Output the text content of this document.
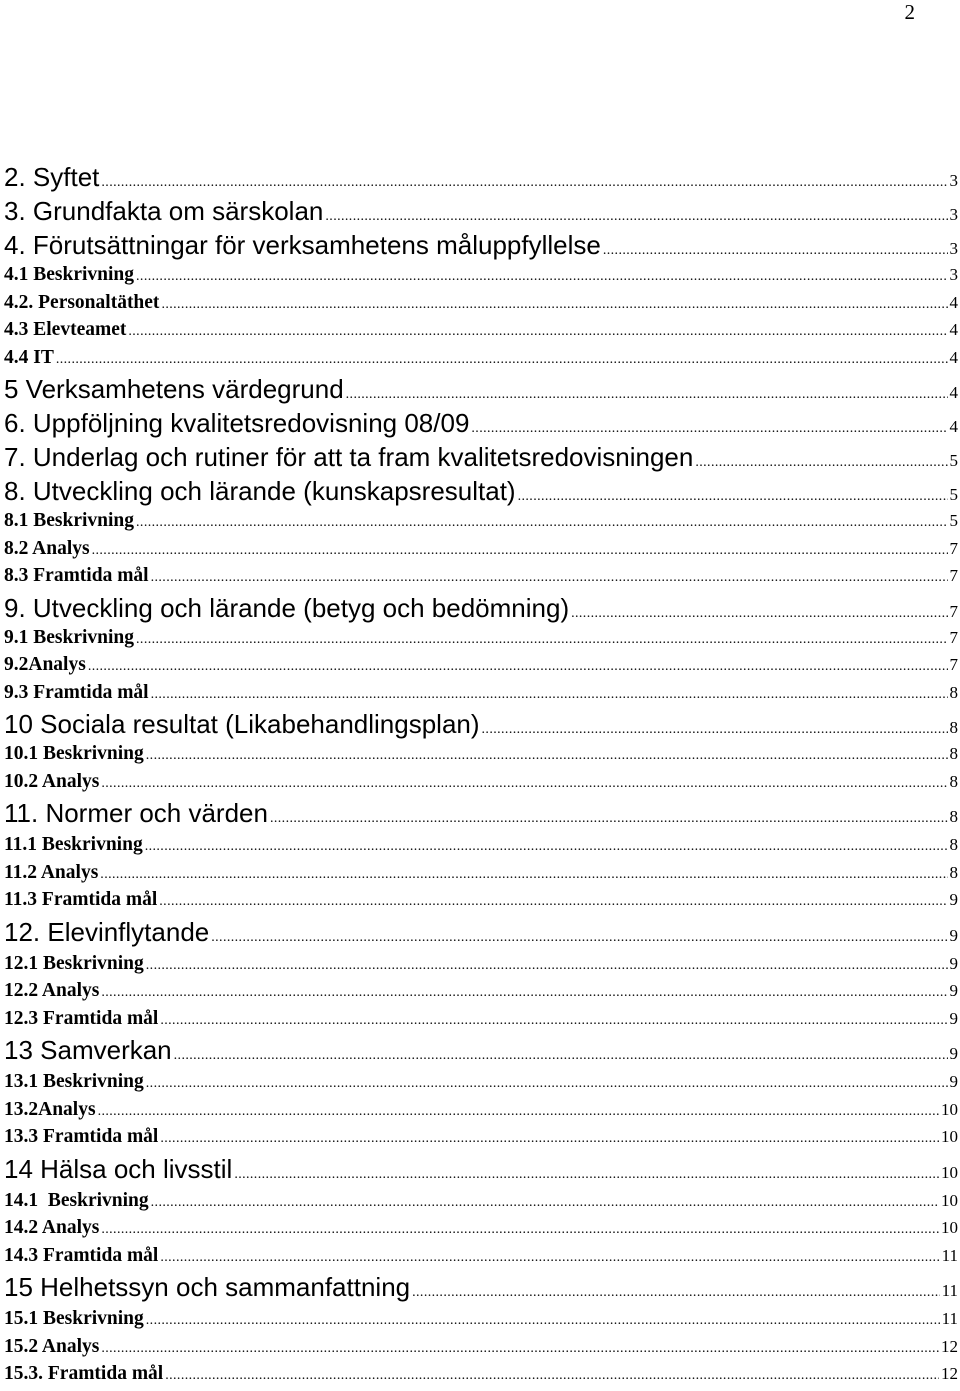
2
2. Syftet .....	3
3. Grundfakta om särskolan .....	3
4. Förutsättningar för verksamhetens måluppfyllelse .....	3
4.1 Beskrivning .....	3
4.2. Personaltäthet .....	4
4.3 Elevteamet .....	4
4.4 IT .....	4
5 Verksamhetens värdegrund .....	4
6. Uppföljning kvalitetsredovisning 08/09 .....	4
7. Underlag och rutiner för att ta fram kvalitetsredovisningen .....	5
8. Utveckling och lärande (kunskapsresultat) .....	5
8.1 Beskrivning .....	5
8.2 Analys .....	7
8.3 Framtida mål .....	7
9. Utveckling och lärande (betyg och bedömning) .....	7
9.1 Beskrivning .....	7
9.2Analys .....	7
9.3 Framtida mål .....	8
10 Sociala resultat (Likabehandlingsplan) .....	8
10.1 Beskrivning .....	8
10.2 Analys .....	8
11. Normer och värden .....	8
11.1 Beskrivning .....	8
11.2 Analys .....	8
11.3 Framtida mål .....	9
12. Elevinflytande .....	9
12.1 Beskrivning .....	9
12.2 Analys .....	9
12.3 Framtida mål .....	9
13 Samverkan .....	9
13.1 Beskrivning .....	9
13.2Analys .....	10
13.3 Framtida mål .....	10
14 Hälsa och livsstil .....	10
14.1  Beskrivning .....	10
14.2 Analys .....	10
14.3 Framtida mål .....	11
15 Helhetssyn och sammanfattning .....	11
15.1 Beskrivning .....	11
15.2 Analys .....	12
15.3. Framtida mål .....	12
